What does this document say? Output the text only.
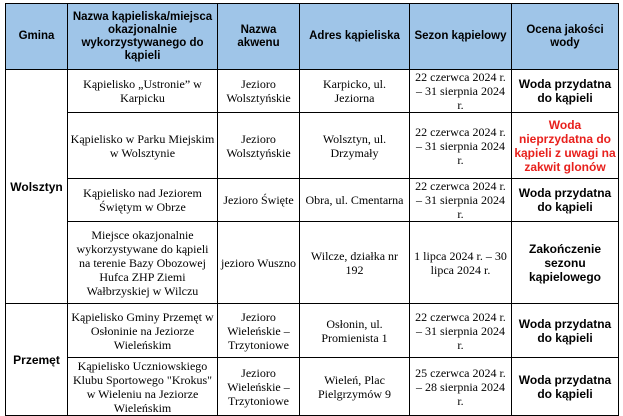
Gmina	Nazwa kąpieliska/miejsca okazjonalnie wykorzystywanego do kąpieli	Nazwa akwenu	Adres kąpieliska	Sezon kąpielowy	Ocena jakości wody
Wolsztyn	Kąpielisko „Ustronie” w Karpicku	Jezioro Wolsztyńskie	Karpicko, ul. Jeziorna	22 czerwca 2024 r. – 31 sierpnia 2024 r.	Woda przydatna do kąpieli
	Kąpielisko w Parku Miejskim w Wolsztynie	Jezioro Wolsztyńskie	Wolsztyn, ul. Drzymały	22 czerwca 2024 r. – 31 sierpnia 2024 r.	Woda nieprzydatna do kąpieli z uwagi na zakwit glonów
	Kąpielisko nad Jeziorem Świętym w Obrze	Jezioro Święte	Obra, ul. Cmentarna	22 czerwca 2024 r. – 31 sierpnia 2024 r.	Woda przydatna do kąpieli
	Miejsce okazjonalnie wykorzystywane do kąpieli na terenie Bazy Obozowej Hufca ZHP Ziemi Wałbrzyskiej w Wilczu	jezioro Wuszno	Wilcze, działka nr 192	1 lipca 2024 r. – 30 lipca 2024 r.	Zakończenie sezonu kąpielowego
Przemęt	Kąpielisko Gminy Przemęt w Osłoninie na Jeziorze Wieleńskim	Jezioro Wieleńskie – Trzytoniowe	Osłonin, ul. Promienista 1	22 czerwca 2024 r. – 31 sierpnia 2024 r.	Woda przydatna do kąpieli
	Kąpielisko Uczniowskiego Klubu Sportowego "Krokus" w Wieleniu na Jeziorze Wieleńskim	Jezioro Wieleńskie – Trzytoniowe	Wieleń, Plac Pielgrzymów 9	25 czerwca 2024 r. – 28 sierpnia 2024 r.	Woda przydatna do kąpieli
